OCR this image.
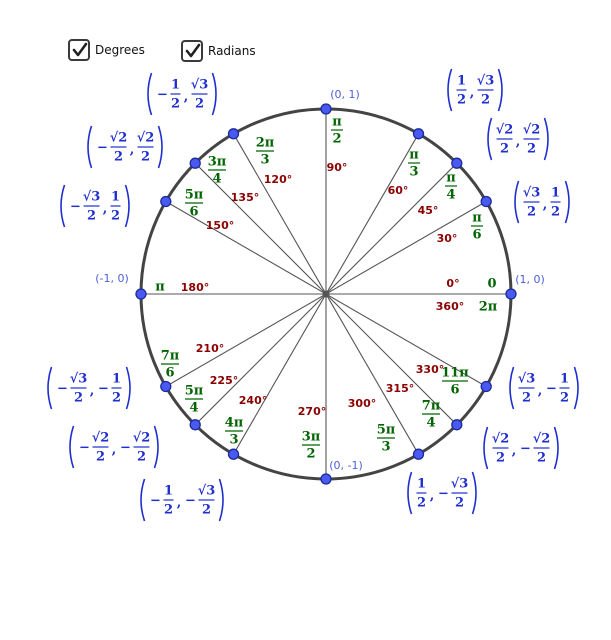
Degrees	Radians
0°
360°
30°
45°
60°
90°
120°
135°
150°
180°
210°
225°
240°
270°
300°
315°
330°
0
2π
π
6
π
4
π
3
π
2
2π
3
3π
4
5π
6
π
7π
6
5π
4
4π
3	3π
2
5π
3
7π
4
11π
6
(0, 1)
(1, 0)
(-1, 0)
(0, -1)
√3
2 ,
1
2
√2
2 ,
√2
2
1
2 ,
√3
2
−
1
2 ,
√3
2
−
√2
2 ,
√2
2
−
√3
2 ,
1
2
−
√3
2 , −
1
2
−
√2
2 , −
√2
2
−
1
2 , −
√3
2
1
2 , −
√3
2
√2
2 , −
√2
2
√3
2 , −
1
2
